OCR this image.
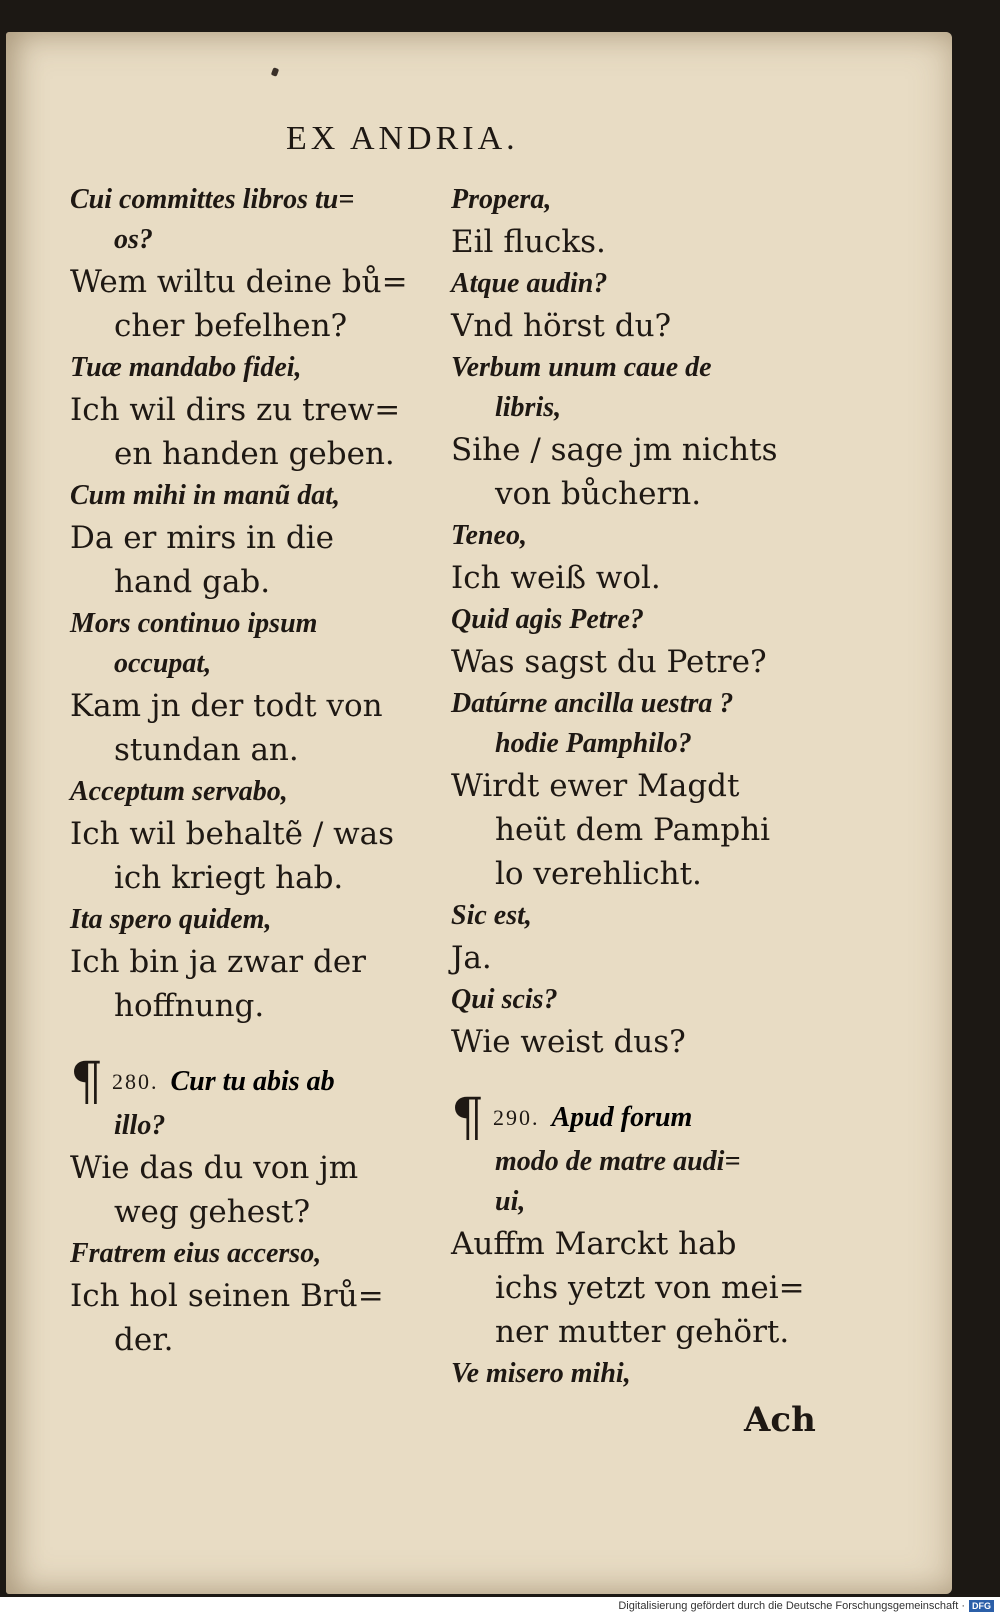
EX ANDRIA.

Cui committes libros tu=

os?

Wem wiltu deine bů=

cher befelhen?

Tuæ mandabo fidei,

Ich wil dirs zu trew=

en handen geben.

Cum mihi in manũ dat,

Da er mirs in die

hand gab.

Mors continuo ipsum

occupat,

Kam jn der todt von

stundan an.

Acceptum servabo,

Ich wil behaltẽ / was

ich kriegt hab.

Ita spero quidem,

Ich bin ja zwar der

hoffnung.

¶ 280. Cur tu abis ab

illo?

Wie das du von jm

weg gehest?

Fratrem eius accerso,

Ich hol seinen Brů=

der.

Propera,

Eil flucks.

Atque audin?

Vnd hörst du?

Verbum unum caue de

libris,

Sihe / sage jm nichts

von bůchern.

Teneo,

Ich weiß wol.

Quid agis Petre?

Was sagst du Petre?

Datúrne ancilla uestra ?

hodie Pamphilo?

Wirdt ewer Magdt

heüt dem Pamphi

lo verehlicht.

Sic est,

Ja.

Qui scis?

Wie weist dus?

¶ 290. Apud forum

modo de matre audi=

ui,

Auffm Marckt hab

ichs yetzt von mei=

ner mutter gehört.

Ve misero mihi,

Ach

Digitalisierung gefördert durch die Deutsche Forschungsgemeinschaft · DFG
